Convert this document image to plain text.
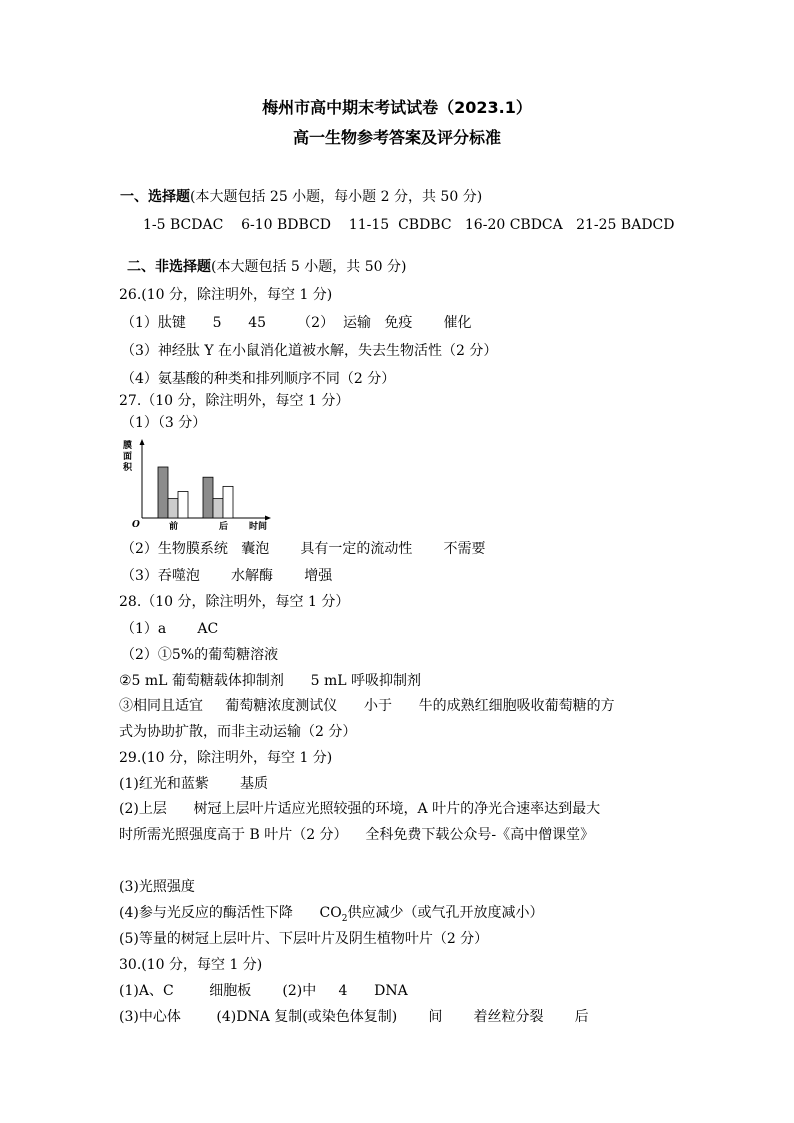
梅州市高中期末考试试卷（2023.1）
高一生物参考答案及评分标准
一、选择题(本大题包括 25 小题，每小题 2 分，共 50 分)
1-5 BCDAC    6-10 BDBCD    11-15  CBDBC   16-20 CBDCA   21-25 BADCD
二、非选择题(本大题包括 5 小题，共 50 分)
26.(10 分，除注明外，每空 1 分)
（1）肽键      5      45       （2）  运输   免疫       催化
（3）神经肽 Y 在小鼠消化道被水解，失去生物活性（2 分）
（4）氨基酸的种类和排列顺序不同（2 分）
27.（10 分，除注明外，每空 1 分）
（1）（3 分）
膜
面
积
O	前	后 时间
（2）生物膜系统   囊泡       具有一定的流动性       不需要
（3）吞噬泡       水解酶       增强
28.（10 分，除注明外，每空 1 分）
（1）a       AC
（2）①5%的葡萄糖溶液
②5 mL 葡萄糖载体抑制剂      5 mL 呼吸抑制剂
③相同且适宜     葡萄糖浓度测试仪      小于      牛的成熟红细胞吸收葡萄糖的方
式为协助扩散，而非主动运输（2 分）
29.(10 分，除注明外，每空 1 分)
(1)红光和蓝紫       基质
(2)上层      树冠上层叶片适应光照较强的环境，A 叶片的净光合速率达到最大
时所需光照强度高于 B 叶片（2 分）    全科免费下载公众号-《高中僧课堂》
(3)光照强度
(4)参与光反应的酶活性下降      $CO_2$供应减少（或气孔开放度减小）
(5)等量的树冠上层叶片、下层叶片及阴生植物叶片（2 分）
30.(10 分，每空 1 分)
(1)A、C        细胞板       (2)中     4      DNA
(3)中心体        (4)DNA 复制(或染色体复制)       间       着丝粒分裂       后
